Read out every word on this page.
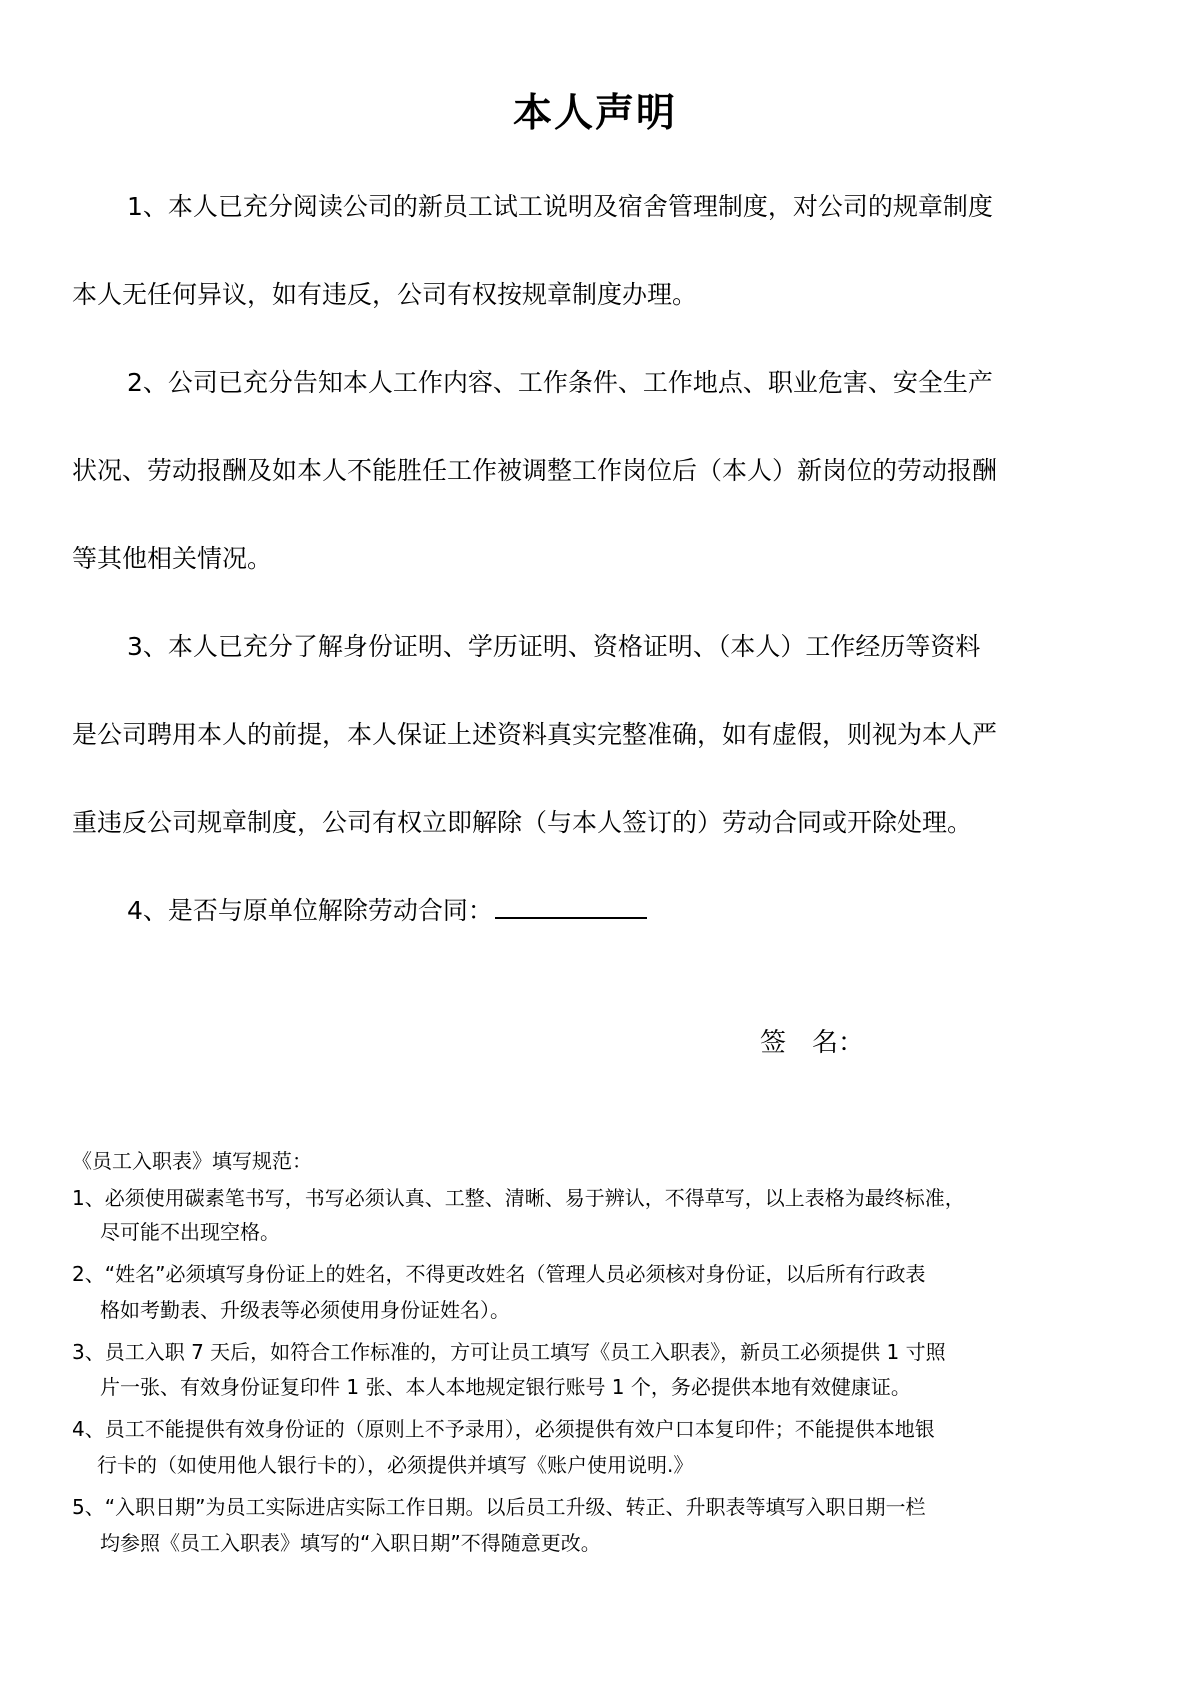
本人声明
1、本人已充分阅读公司的新员工试工说明及宿舍管理制度，对公司的规章制度
本人无任何异议，如有违反，公司有权按规章制度办理。
2、公司已充分告知本人工作内容、工作条件、工作地点、职业危害、安全生产
状况、劳动报酬及如本人不能胜任工作被调整工作岗位后（本人）新岗位的劳动报酬
等其他相关情况。
3、本人已充分了解身份证明、学历证明、资格证明、（本人）工作经历等资料
是公司聘用本人的前提，本人保证上述资料真实完整准确，如有虚假，则视为本人严
重违反公司规章制度，公司有权立即解除（与本人签订的）劳动合同或开除处理。
4、是否与原单位解除劳动合同：
签　名：
《员工入职表》填写规范：
1、必须使用碳素笔书写，书写必须认真、工整、清晰、易于辨认，不得草写，以上表格为最终标准，
尽可能不出现空格。
2、“姓名”必须填写身份证上的姓名，不得更改姓名（管理人员必须核对身份证，以后所有行政表
格如考勤表、升级表等必须使用身份证姓名）。
3、员工入职 7 天后，如符合工作标准的，方可让员工填写《员工入职表》，新员工必须提供 1 寸照
片一张、有效身份证复印件 1 张、本人本地规定银行账号 1 个，务必提供本地有效健康证。
4、员工不能提供有效身份证的（原则上不予录用），必须提供有效户口本复印件；不能提供本地银
行卡的（如使用他人银行卡的），必须提供并填写《账户使用说明.》
5、“入职日期”为员工实际进店实际工作日期。以后员工升级、转正、升职表等填写入职日期一栏
均参照《员工入职表》填写的“入职日期”不得随意更改。
